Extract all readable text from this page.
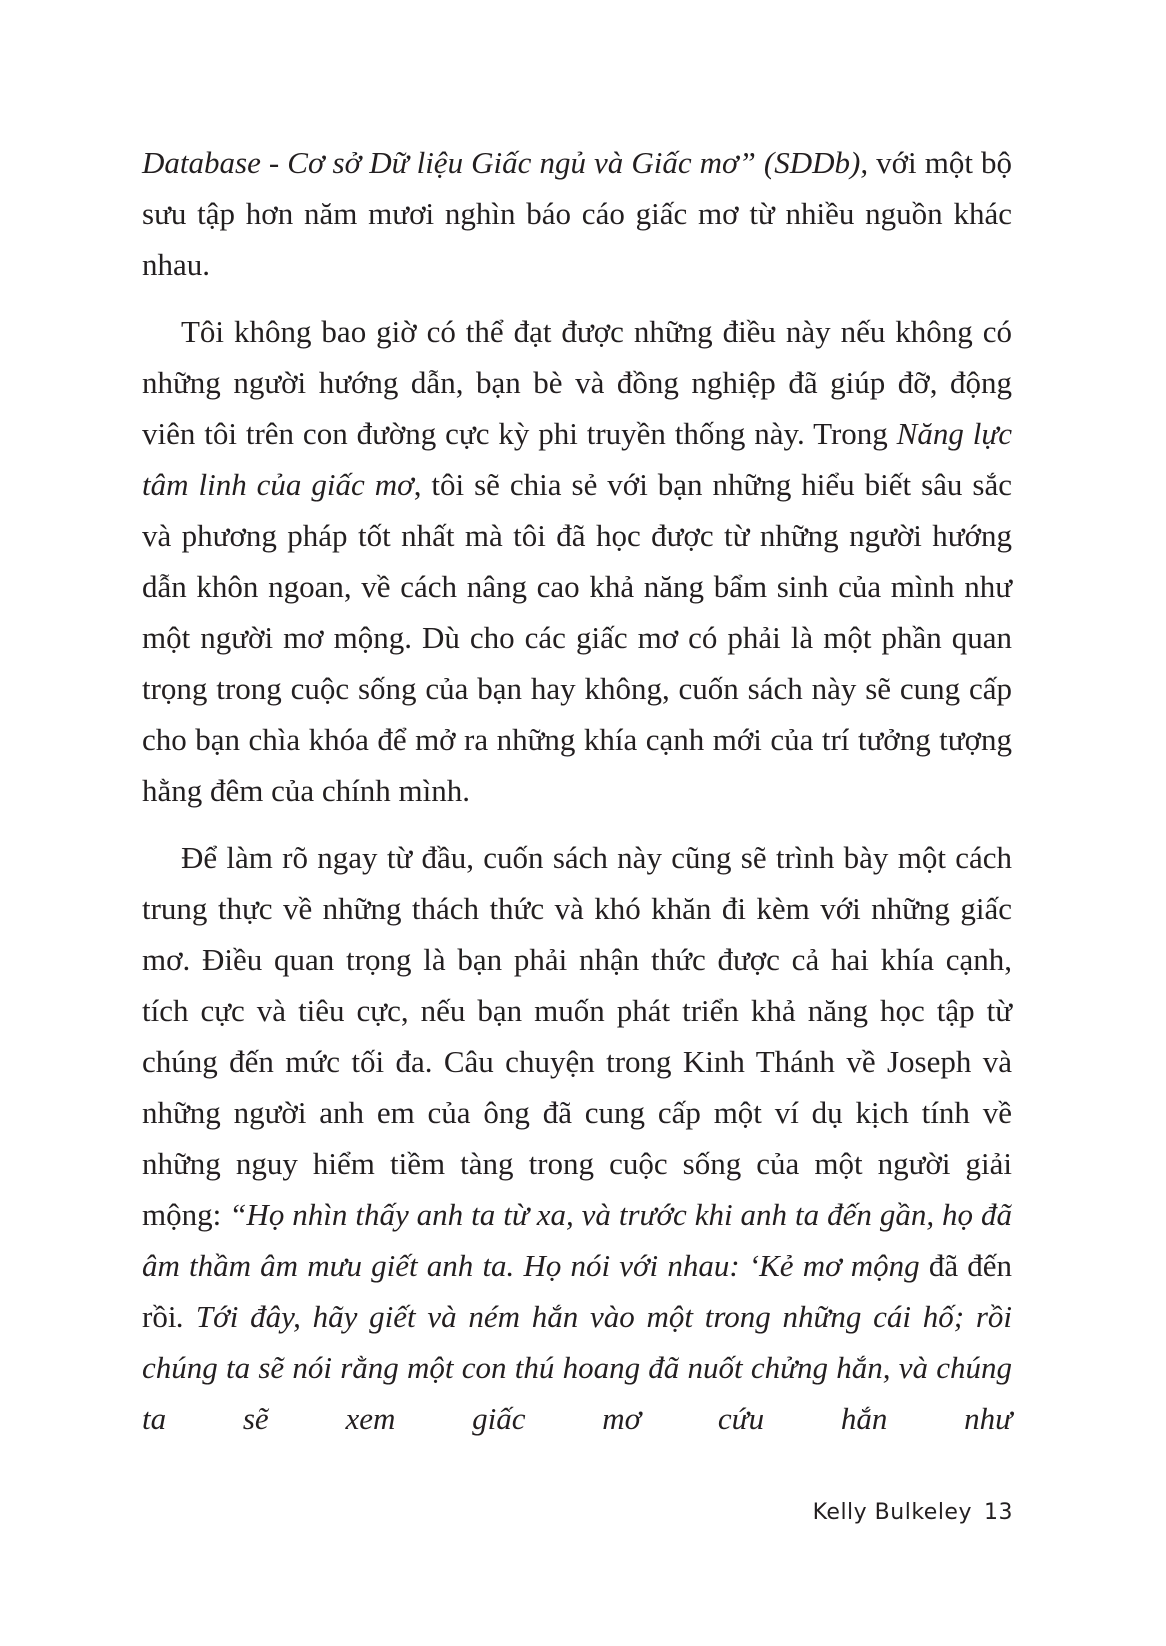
Database - Cơ sở Dữ liệu Giấc ngủ và Giấc mơ” (SDDb), với một bộ sưu tập hơn năm mươi nghìn báo cáo giấc mơ từ nhiều nguồn khác nhau.

Tôi không bao giờ có thể đạt được những điều này nếu không có những người hướng dẫn, bạn bè và đồng nghiệp đã giúp đỡ, động viên tôi trên con đường cực kỳ phi truyền thống này. Trong Năng lực tâm linh của giấc mơ, tôi sẽ chia sẻ với bạn những hiểu biết sâu sắc và phương pháp tốt nhất mà tôi đã học được từ những người hướng dẫn khôn ngoan, về cách nâng cao khả năng bẩm sinh của mình như một người mơ mộng. Dù cho các giấc mơ có phải là một phần quan trọng trong cuộc sống của bạn hay không, cuốn sách này sẽ cung cấp cho bạn chìa khóa để mở ra những khía cạnh mới của trí tưởng tượng hằng đêm của chính mình.

Để làm rõ ngay từ đầu, cuốn sách này cũng sẽ trình bày một cách trung thực về những thách thức và khó khăn đi kèm với những giấc mơ. Điều quan trọng là bạn phải nhận thức được cả hai khía cạnh, tích cực và tiêu cực, nếu bạn muốn phát triển khả năng học tập từ chúng đến mức tối đa. Câu chuyện trong Kinh Thánh về Joseph và những người anh em của ông đã cung cấp một ví dụ kịch tính về những nguy hiểm tiềm tàng trong cuộc sống của một người giải mộng: “Họ nhìn thấy anh ta từ xa, và trước khi anh ta đến gần, họ đã âm thầm âm mưu giết anh ta. Họ nói với nhau: ‘Kẻ mơ mộng đã đến rồi. Tới đây, hãy giết và ném hắn vào một trong những cái hố; rồi chúng ta sẽ nói rằng một con thú hoang đã nuốt chửng hắn, và chúng ta sẽ xem giấc mơ cứu hắn như

Kelly Bulkeley 13
